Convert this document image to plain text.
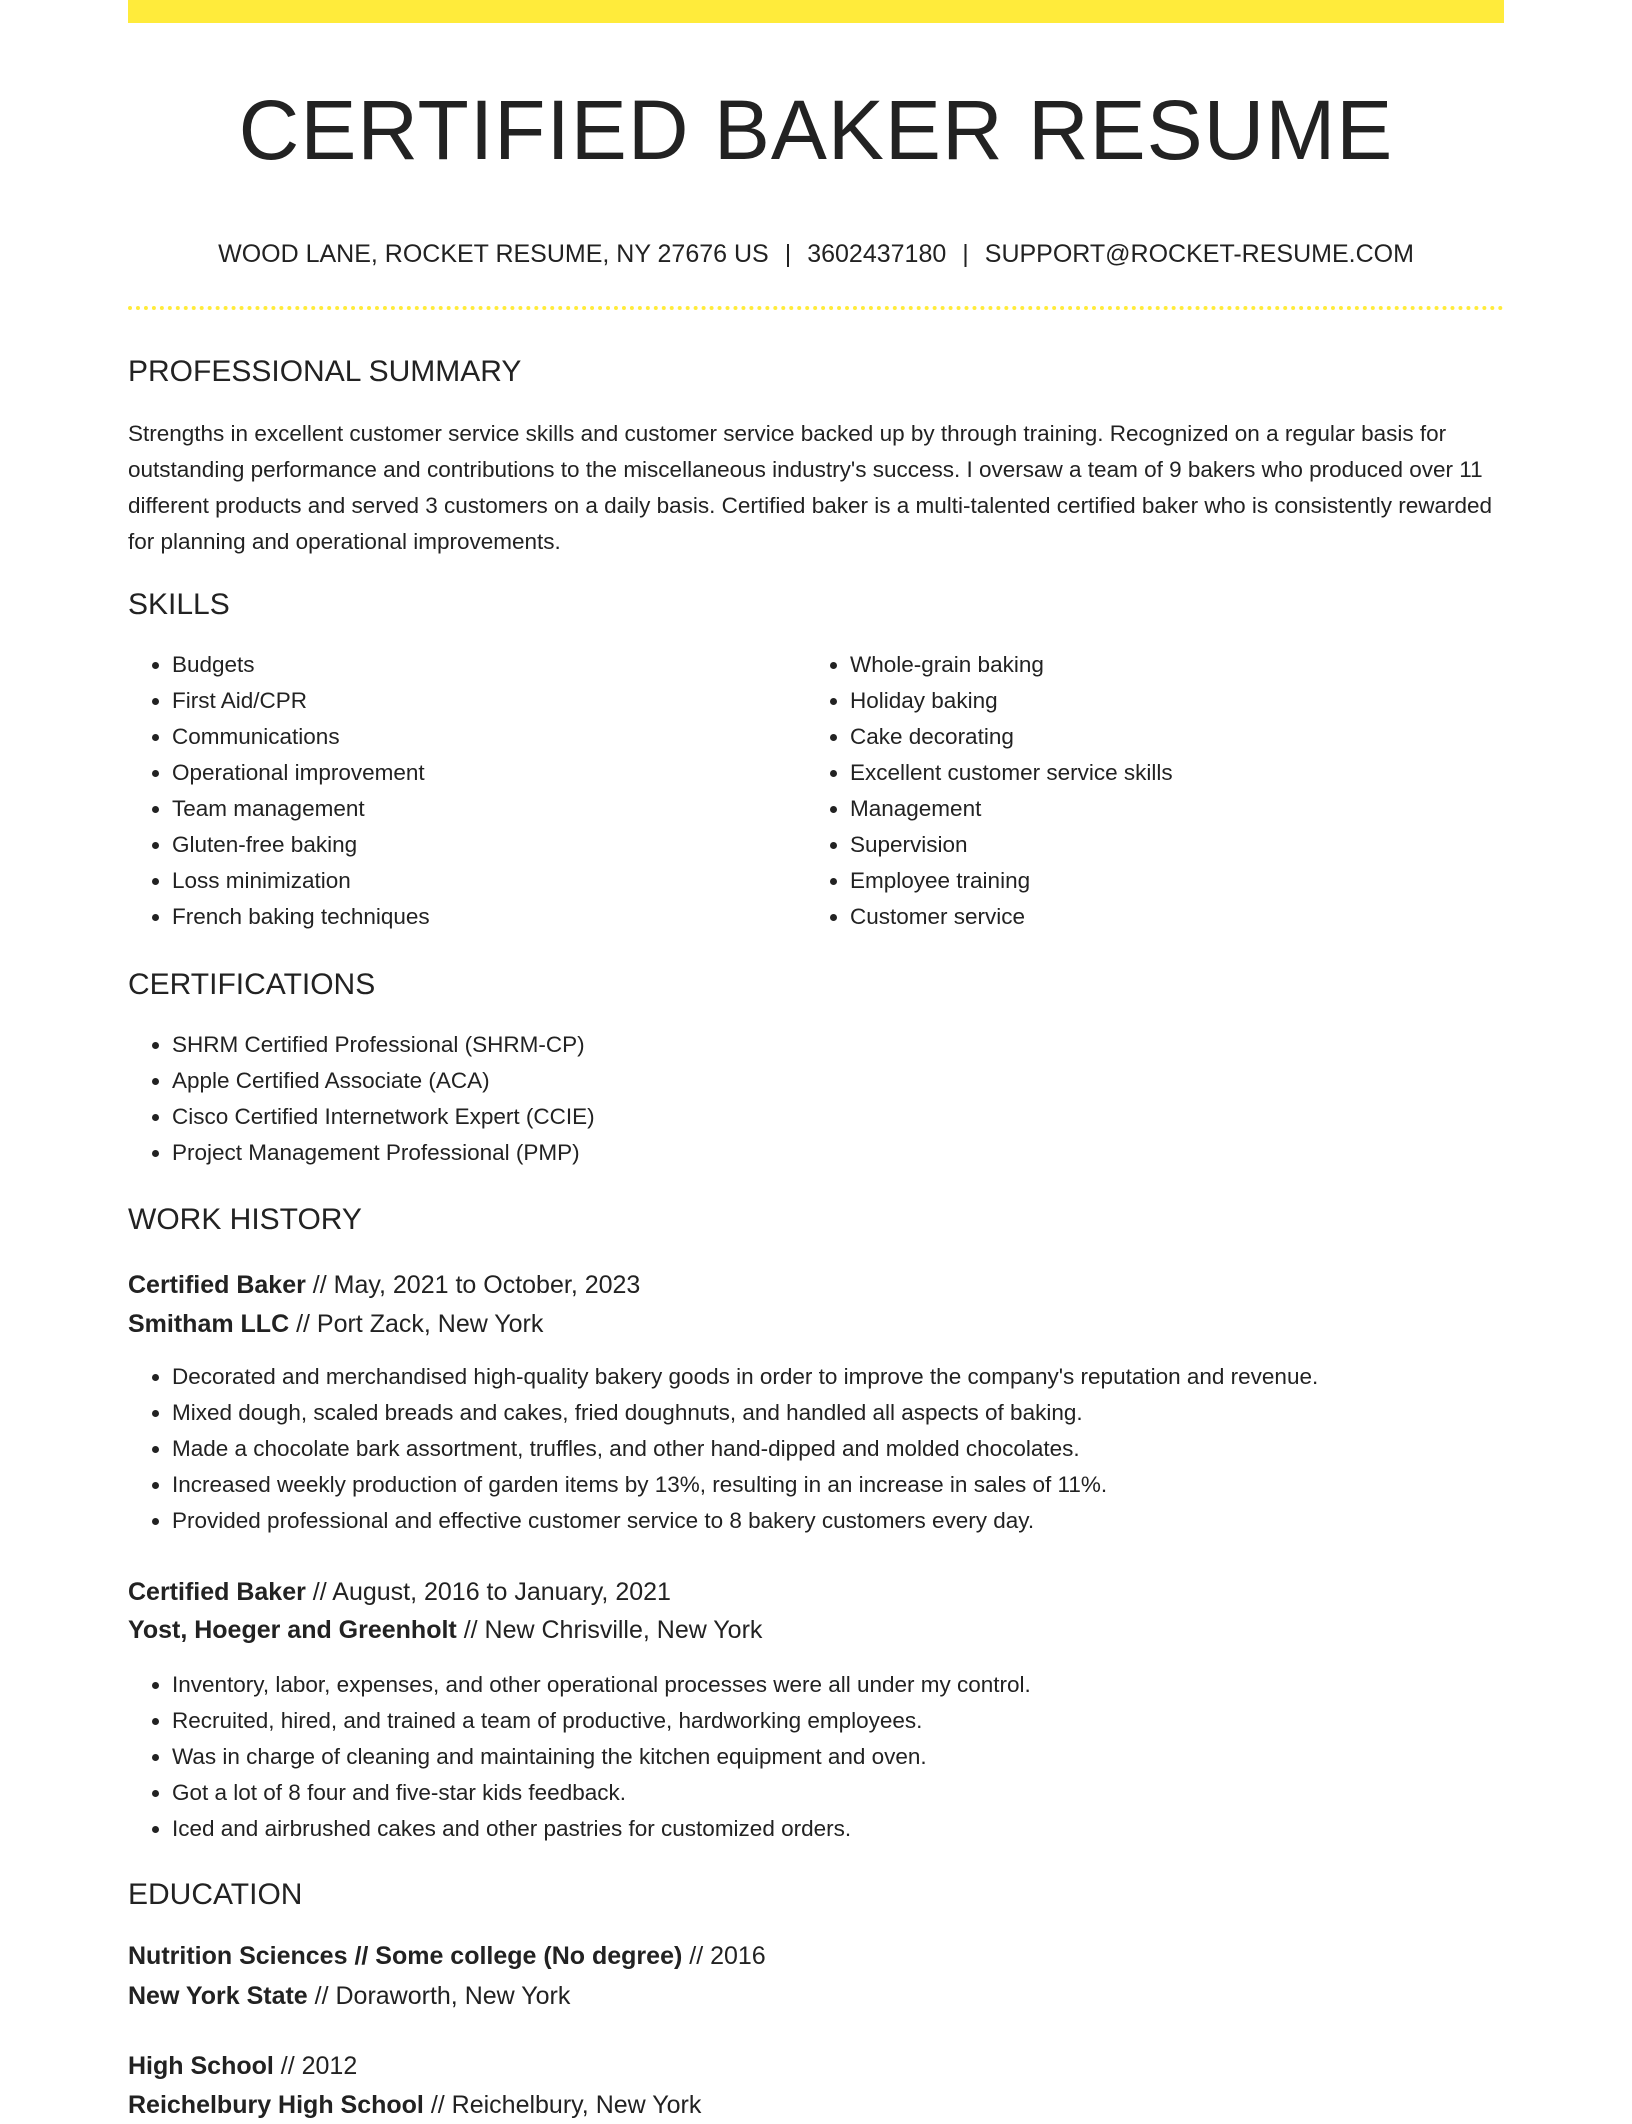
CERTIFIED BAKER RESUME
WOOD LANE, ROCKET RESUME, NY 27676 US | 3602437180 | SUPPORT@ROCKET-RESUME.COM
PROFESSIONAL SUMMARY

Strengths in excellent customer service skills and customer service backed up by through training. Recognized on a regular basis for outstanding performance and contributions to the miscellaneous industry's success. I oversaw a team of 9 bakers who produced over 11 different products and served 3 customers on a daily basis. Certified baker is a multi-talented certified baker who is consistently rewarded for planning and operational improvements.

SKILLS
• Budgets
• First Aid/CPR
• Communications
• Operational improvement
• Team management
• Gluten-free baking
• Loss minimization
• French baking techniques
• Whole-grain baking
• Holiday baking
• Cake decorating
• Excellent customer service skills
• Management
• Supervision
• Employee training
• Customer service
CERTIFICATIONS
• SHRM Certified Professional (SHRM-CP)
• Apple Certified Associate (ACA)
• Cisco Certified Internetwork Expert (CCIE)
• Project Management Professional (PMP)
WORK HISTORY
Certified Baker // May, 2021 to October, 2023
Smitham LLC // Port Zack, New York
• Decorated and merchandised high-quality bakery goods in order to improve the company's reputation and revenue.
• Mixed dough, scaled breads and cakes, fried doughnuts, and handled all aspects of baking.
• Made a chocolate bark assortment, truffles, and other hand-dipped and molded chocolates.
• Increased weekly production of garden items by 13%, resulting in an increase in sales of 11%.
• Provided professional and effective customer service to 8 bakery customers every day.
Certified Baker // August, 2016 to January, 2021
Yost, Hoeger and Greenholt // New Chrisville, New York
• Inventory, labor, expenses, and other operational processes were all under my control.
• Recruited, hired, and trained a team of productive, hardworking employees.
• Was in charge of cleaning and maintaining the kitchen equipment and oven.
• Got a lot of 8 four and five-star kids feedback.
• Iced and airbrushed cakes and other pastries for customized orders.
EDUCATION
Nutrition Sciences // Some college (No degree) // 2016
New York State // Doraworth, New York
High School // 2012
Reichelbury High School // Reichelbury, New York
